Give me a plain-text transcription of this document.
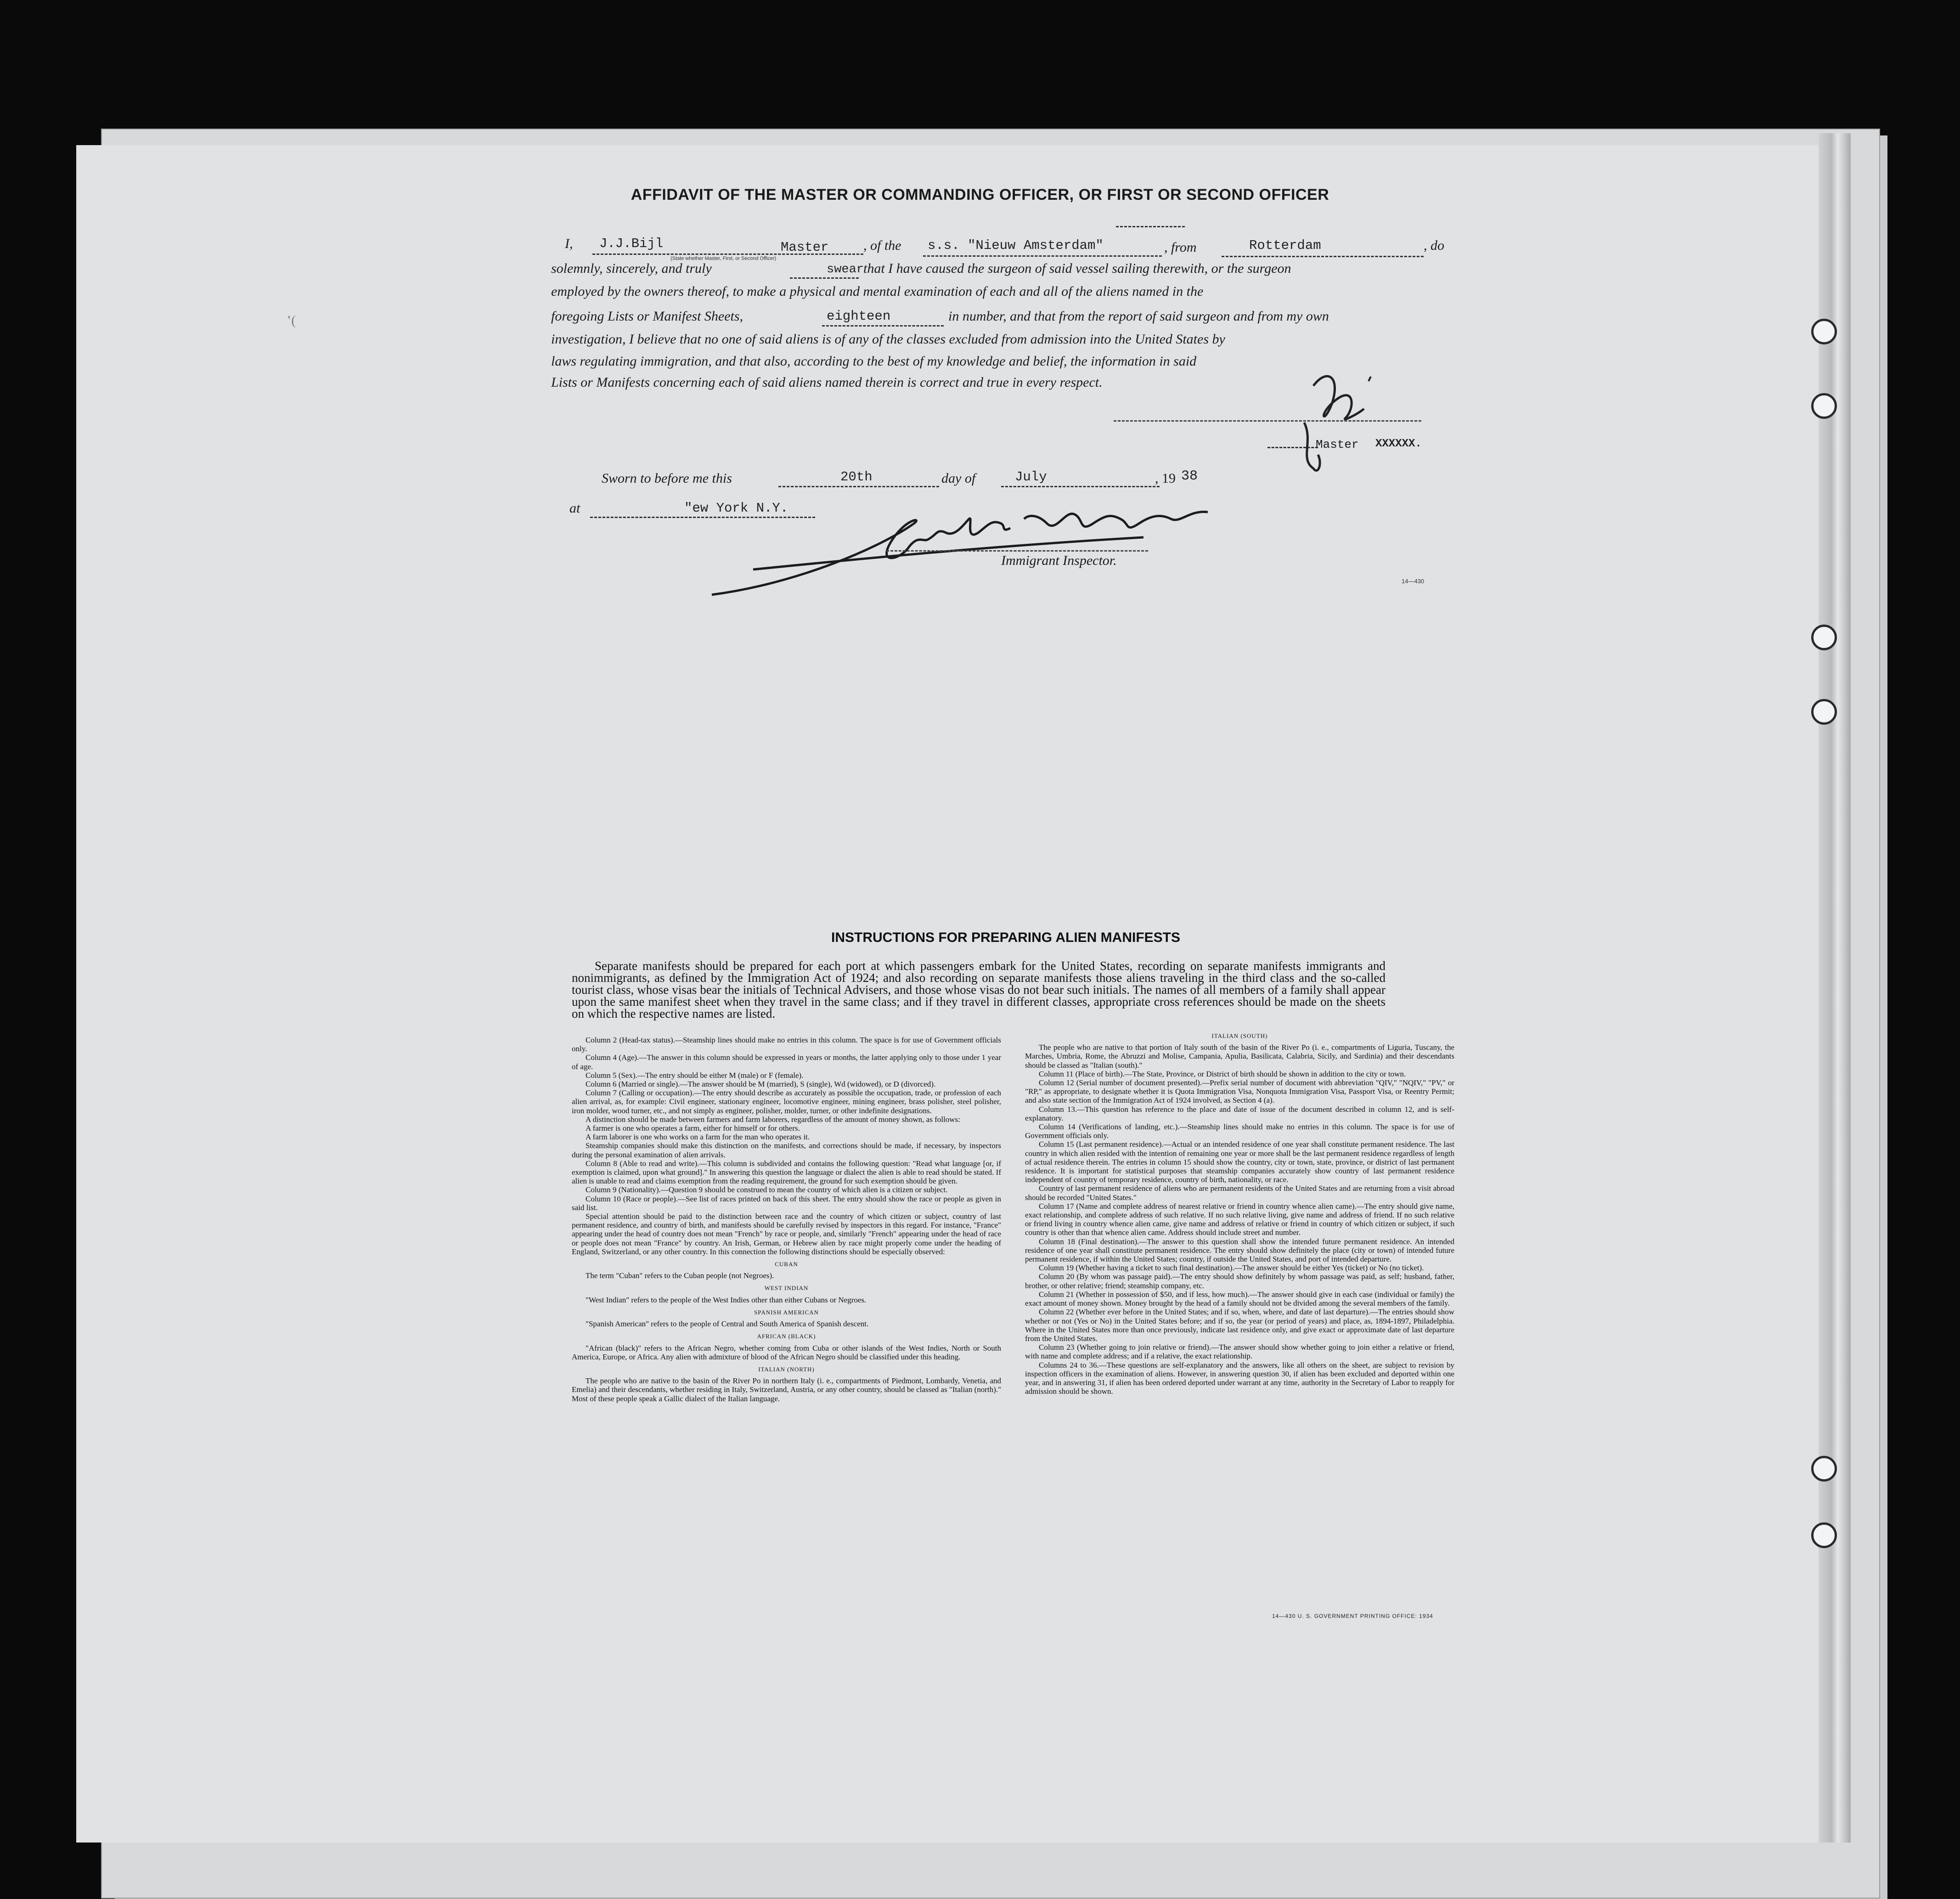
ʽ(
AFFIDAVIT OF THE MASTER OR COMMANDING OFFICER, OR FIRST OR SECOND OFFICER
I, J.J.Bijl	Master	, of the s.s. "Nieuw Amsterdam"	, from	Rotterdam	, do
(State whether Master, First, or Second Officer)
solemnly, sincerely, and truly	swear
that I have caused the surgeon of said vessel sailing therewith, or the surgeon
employed by the owners thereof, to make a physical and mental examination of each and all of the aliens named in the
foregoing Lists or Manifest Sheets,	eighteen	in number, and that from the report of said surgeon and from my own
investigation, I believe that no one of said aliens is of any of the classes excluded from admission into the United States by
laws regulating immigration, and that also, according to the best of my knowledge and belief, the information in said
Lists or Manifests concerning each of said aliens named therein is correct and true in every respect.
Master XXXXXX.
Sworn to before me this	20th	day of	July	, 19 38
at	"ew York N.Y.
Immigrant Inspector.
14—430
INSTRUCTIONS FOR PREPARING ALIEN MANIFESTS
Separate manifests should be prepared for each port at which passengers embark for the United States, recording on separate manifests immigrants and nonimmigrants, as defined by the Immigration Act of 1924; and also recording on separate manifests those aliens traveling in the third class and the so-called tourist class, whose visas bear the initials of Technical Advisers, and those whose visas do not bear such initials. The names of all members of a family shall appear upon the same manifest sheet when they travel in the same class; and if they travel in different classes, appropriate cross references should be made on the sheets on which the respective names are listed.

Column 2 (Head-tax status).—Steamship lines should make no entries in this column. The space is for use of Government officials only.

Column 4 (Age).—The answer in this column should be expressed in years or months, the latter applying only to those under 1 year of age.

Column 5 (Sex).—The entry should be either M (male) or F (female).

Column 6 (Married or single).—The answer should be M (married), S (single), Wd (widowed), or D (divorced).

Column 7 (Calling or occupation).—The entry should describe as accurately as possible the occupation, trade, or profession of each alien arrival, as, for example: Civil engineer, stationary engineer, locomotive engineer, mining engineer, brass polisher, steel polisher, iron molder, wood turner, etc., and not simply as engineer, polisher, molder, turner, or other indefinite designations.

A distinction should be made between farmers and farm laborers, regardless of the amount of money shown, as follows:

A farmer is one who operates a farm, either for himself or for others.

A farm laborer is one who works on a farm for the man who operates it.

Steamship companies should make this distinction on the manifests, and corrections should be made, if necessary, by inspectors during the personal examination of alien arrivals.

Column 8 (Able to read and write).—This column is subdivided and contains the following question: "Read what language [or, if exemption is claimed, upon what ground]." In answering this question the language or dialect the alien is able to read should be stated. If alien is unable to read and claims exemption from the reading requirement, the ground for such exemption should be given.

Column 9 (Nationality).—Question 9 should be construed to mean the country of which alien is a citizen or subject.

Column 10 (Race or people).—See list of races printed on back of this sheet. The entry should show the race or people as given in said list.

Special attention should be paid to the distinction between race and the country of which citizen or subject, country of last permanent residence, and country of birth, and manifests should be carefully revised by inspectors in this regard. For instance, "France" appearing under the head of country does not mean "French" by race or people, and, similarly "French" appearing under the head of race or people does not mean "France" by country. An Irish, German, or Hebrew alien by race might properly come under the heading of England, Switzerland, or any other country. In this connection the following distinctions should be especially observed:

CUBAN

The term "Cuban" refers to the Cuban people (not Negroes).

WEST INDIAN

"West Indian" refers to the people of the West Indies other than either Cubans or Negroes.

SPANISH AMERICAN

"Spanish American" refers to the people of Central and South America of Spanish descent.

AFRICAN (BLACK)

"African (black)" refers to the African Negro, whether coming from Cuba or other islands of the West Indies, North or South America, Europe, or Africa. Any alien with admixture of blood of the African Negro should be classified under this heading.

ITALIAN (NORTH)

The people who are native to the basin of the River Po in northern Italy (i. e., compartments of Piedmont, Lombardy, Venetia, and Emelia) and their descendants, whether residing in Italy, Switzerland, Austria, or any other country, should be classed as "Italian (north)." Most of these people speak a Gallic dialect of the Italian language.

ITALIAN (SOUTH)

The people who are native to that portion of Italy south of the basin of the River Po (i. e., compartments of Liguria, Tuscany, the Marches, Umbria, Rome, the Abruzzi and Molise, Campania, Apulia, Basilicata, Calabria, Sicily, and Sardinia) and their descendants should be classed as "Italian (south)."

Column 11 (Place of birth).—The State, Province, or District of birth should be shown in addition to the city or town.

Column 12 (Serial number of document presented).—Prefix serial number of document with abbreviation "QIV," "NQIV," "PV," or "RP," as appropriate, to designate whether it is Quota Immigration Visa, Nonquota Immigration Visa, Passport Visa, or Reentry Permit; and also state section of the Immigration Act of 1924 involved, as Section 4 (a).

Column 13.—This question has reference to the place and date of issue of the document described in column 12, and is self-explanatory.

Column 14 (Verifications of landing, etc.).—Steamship lines should make no entries in this column. The space is for use of Government officials only.

Column 15 (Last permanent residence).—Actual or an intended residence of one year shall constitute permanent residence. The last country in which alien resided with the intention of remaining one year or more shall be the last permanent residence regardless of length of actual residence therein. The entries in column 15 should show the country, city or town, state, province, or district of last permanent residence. It is important for statistical purposes that steamship companies accurately show country of last permanent residence independent of country of temporary residence, country of birth, nationality, or race.

Country of last permanent residence of aliens who are permanent residents of the United States and are returning from a visit abroad should be recorded "United States."

Column 17 (Name and complete address of nearest relative or friend in country whence alien came).—The entry should give name, exact relationship, and complete address of such relative. If no such relative living, give name and address of friend. If no such relative or friend living in country whence alien came, give name and address of relative or friend in country of which citizen or subject, if such country is other than that whence alien came. Address should include street and number.

Column 18 (Final destination).—The answer to this question shall show the intended future permanent residence. An intended residence of one year shall constitute permanent residence. The entry should show definitely the place (city or town) of intended future permanent residence, if within the United States; country, if outside the United States, and port of intended departure.

Column 19 (Whether having a ticket to such final destination).—The answer should be either Yes (ticket) or No (no ticket).

Column 20 (By whom was passage paid).—The entry should show definitely by whom passage was paid, as self; husband, father, brother, or other relative; friend; steamship company, etc.

Column 21 (Whether in possession of $50, and if less, how much).—The answer should give in each case (individual or family) the exact amount of money shown. Money brought by the head of a family should not be divided among the several members of the family.

Column 22 (Whether ever before in the United States; and if so, when, where, and date of last departure).—The entries should show whether or not (Yes or No) in the United States before; and if so, the year (or period of years) and place, as, 1894-1897, Philadelphia. Where in the United States more than once previously, indicate last residence only, and give exact or approximate date of last departure from the United States.

Column 23 (Whether going to join relative or friend).—The answer should show whether going to join either a relative or friend, with name and complete address; and if a relative, the exact relationship.

Columns 24 to 36.—These questions are self-explanatory and the answers, like all others on the sheet, are subject to revision by inspection officers in the examination of aliens. However, in answering question 30, if alien has been excluded and deported within one year, and in answering 31, if alien has been ordered deported under warrant at any time, authority in the Secretary of Labor to reapply for admission should be shown.

14—430 U. S. GOVERNMENT PRINTING OFFICE: 1934
